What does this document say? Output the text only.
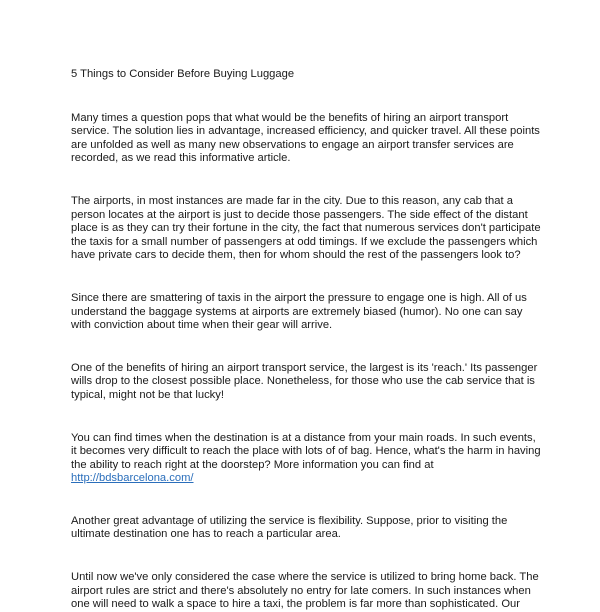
5 Things to Consider Before Buying Luggage

Many times a question pops that what would be the benefits of hiring an airport transport service. The solution lies in advantage, increased efficiency, and quicker travel. All these points are unfolded as well as many new observations to engage an airport transfer services are recorded, as we read this informative article.

The airports, in most instances are made far in the city. Due to this reason, any cab that a person locates at the airport is just to decide those passengers. The side effect of the distant place is as they can try their fortune in the city, the fact that numerous services don't participate the taxis for a small number of passengers at odd timings. If we exclude the passengers which have private cars to decide them, then for whom should the rest of the passengers look to?

Since there are smattering of taxis in the airport the pressure to engage one is high. All of us understand the baggage systems at airports are extremely biased (humor). No one can say with conviction about time when their gear will arrive.

One of the benefits of hiring an airport transport service, the largest is its 'reach.' Its passenger wills drop to the closest possible place. Nonetheless, for those who use the cab service that is typical, might not be that lucky!

You can find times when the destination is at a distance from your main roads. In such events, it becomes very difficult to reach the place with lots of of bag. Hence, what's the harm in having the ability to reach right at the doorstep? More information you can find at
http://bdsbarcelona.com/

Another great advantage of utilizing the service is flexibility. Suppose, prior to visiting the ultimate destination one has to reach a particular area.

Until now we've only considered the case where the service is utilized to bring home back. The airport rules are strict and there's absolutely no entry for late comers. In such instances when one will need to walk a space to hire a taxi, the problem is far more than sophisticated. Our
